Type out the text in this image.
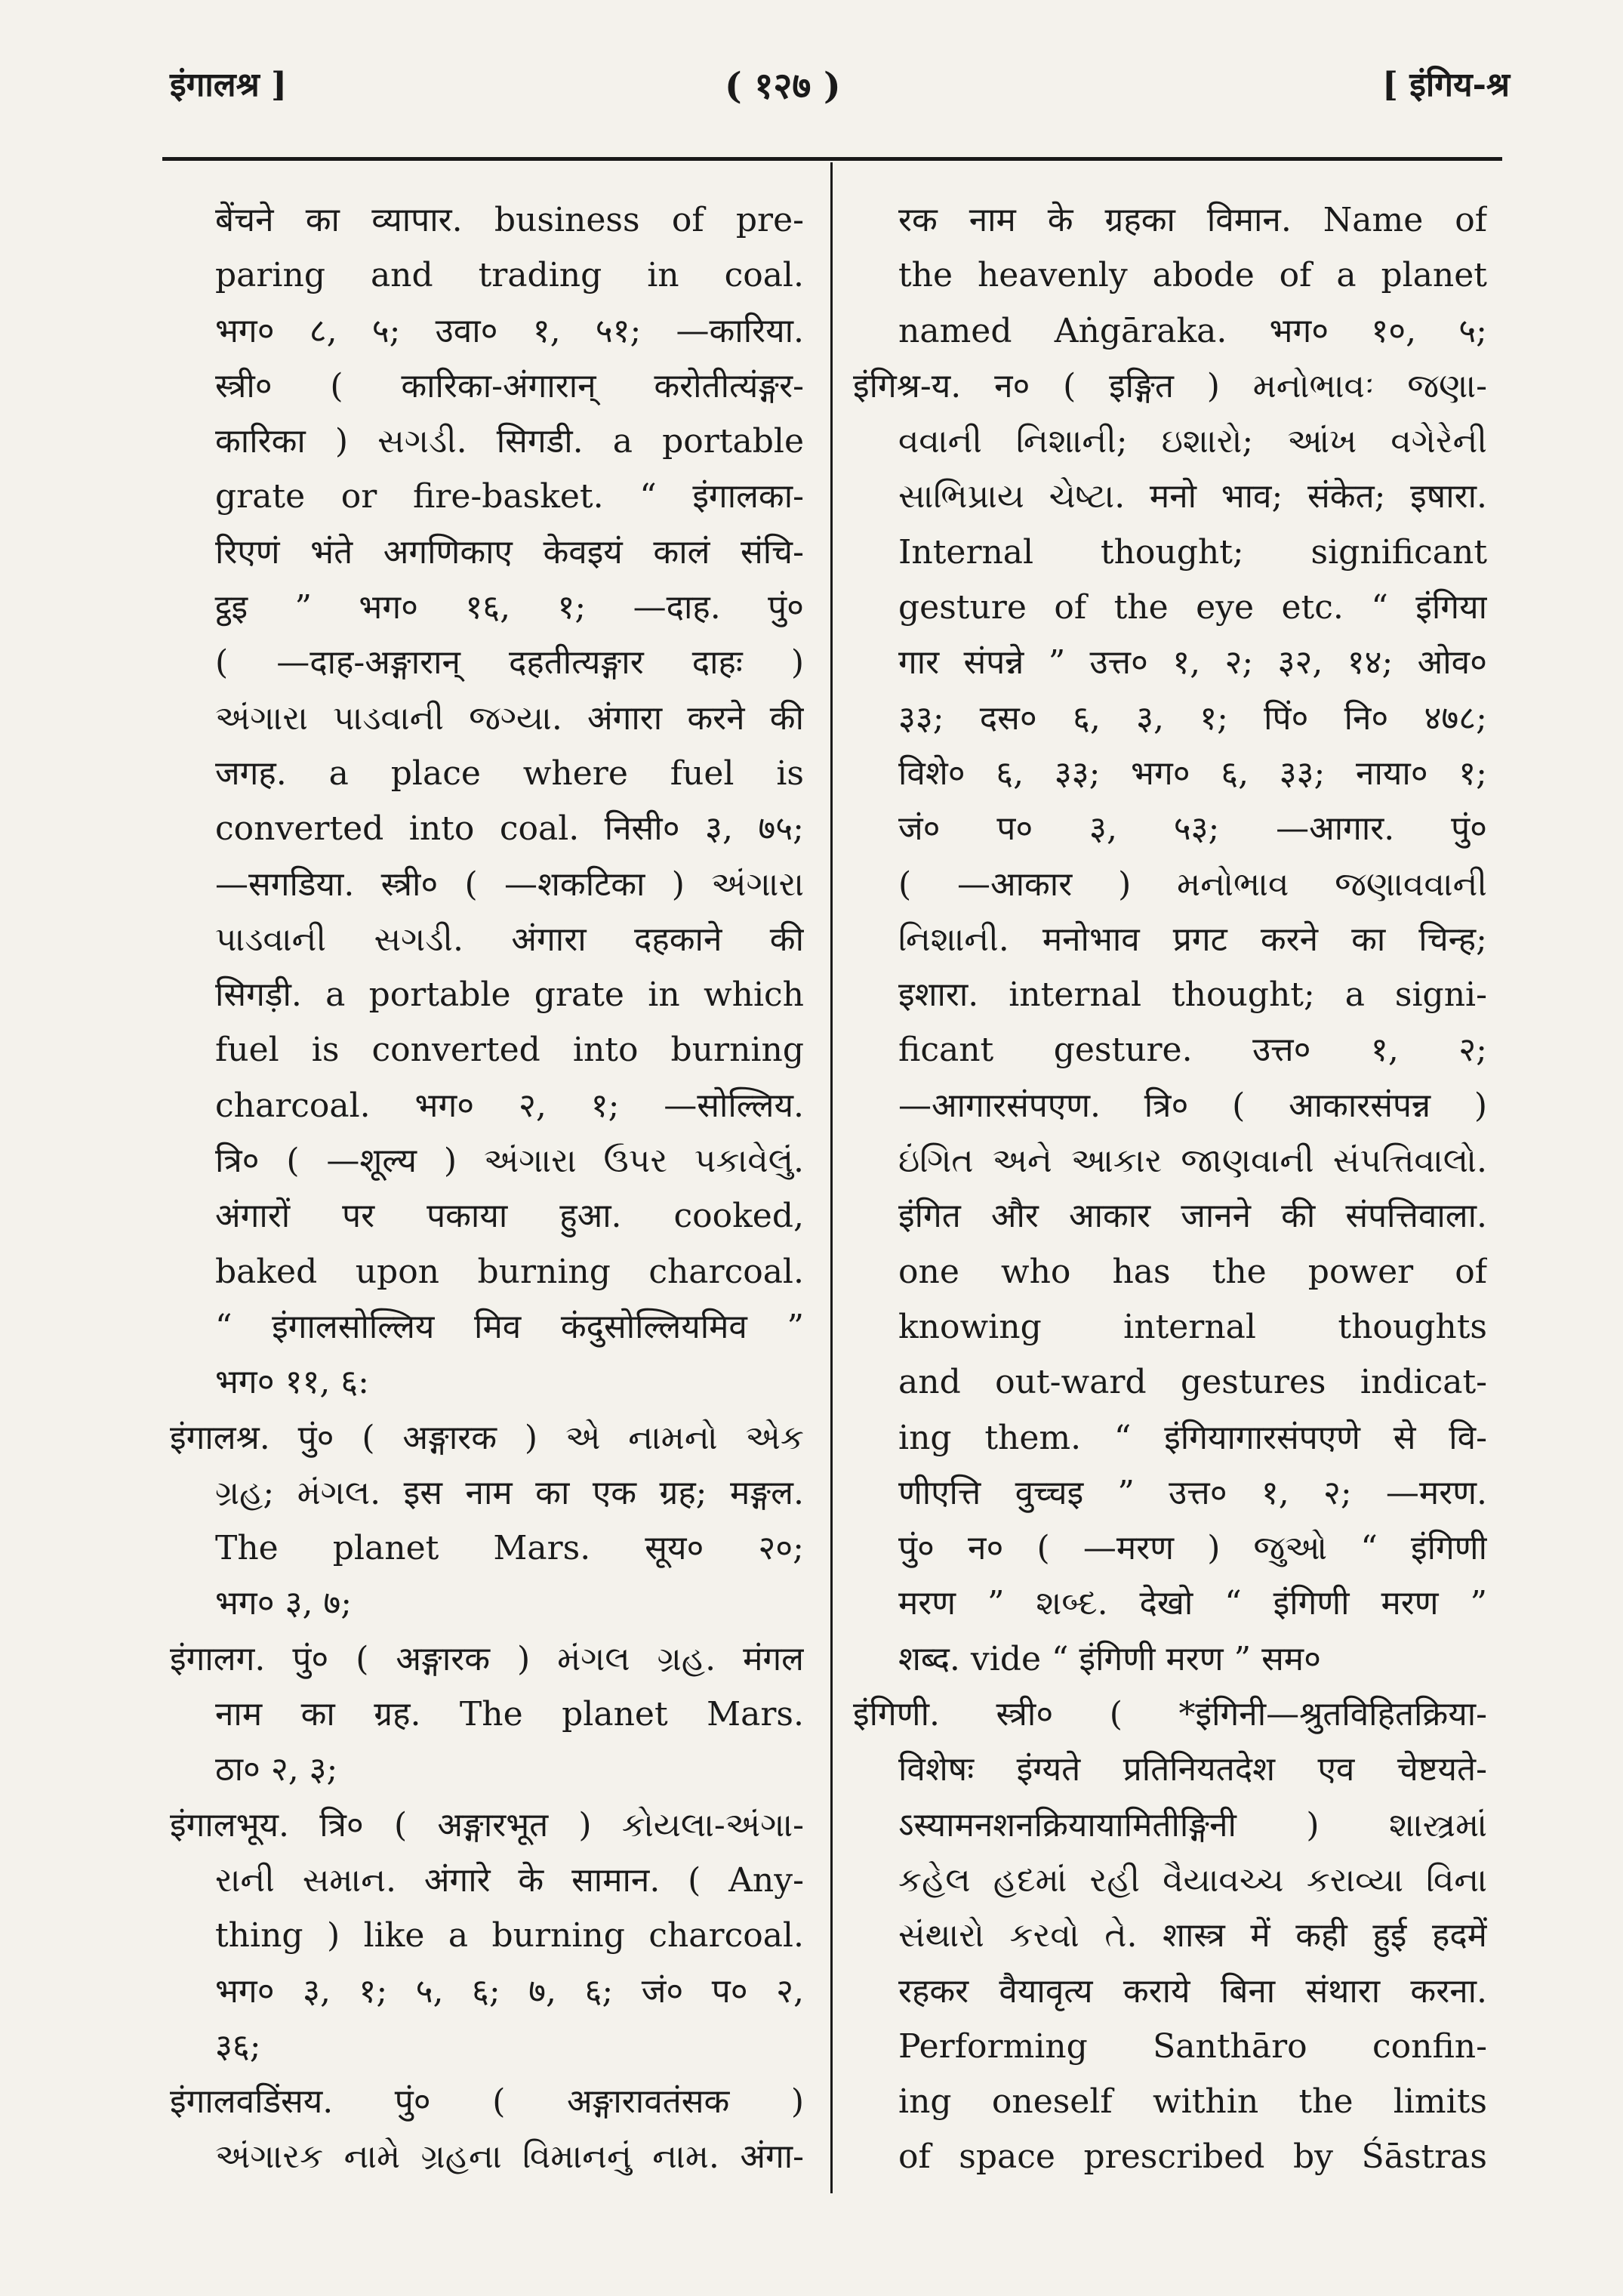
इंगालश्र ]	( १२७ )	[ इंगिय-श्र
बेंचने का व्यापार. business of pre-
paring and trading in coal.
भग० ८, ५; उवा० १, ५१; —कारिया.
स्त्री० ( कारिका-अंगारान् करोतीत्यंङ्गर-
कारिका ) સગડી. सिगडी. a portable
grate or fire-basket. “ इंगालका-
रिएणं भंते अगणिकाए केवइयं कालं संचि-
ट्ठइ ” भग० १६, १; —दाह. पुं०
( —दाह-अङ्गारान् दहतीत्यङ्गार दाहः )
અંગારા પાડવાની જગ્યા. अंगारा करने की
जगह. a place where fuel is
converted into coal. निसी० ३, ७५;
—सगडिया. स्त्री० ( —शकटिका ) અંગારા
પાડવાની સગડી. अंगारा दहकाने की
सिगड़ी. a portable grate in which
fuel is converted into burning
charcoal. भग० २, १; —सोल्लिय.
त्रि० ( —शूल्य ) અંગારા ઉપર પકાવેલું.
अंगारों पर पकाया हुआ. cooked,
baked upon burning charcoal.
“ इंगालसोल्लिय मिव कंदुसोल्लियमिव ”
भग० ११, ६:
इंगालश्र. पुं० ( अङ्गारक ) એ નામનો એક
ગ્રહ; મંગલ. इस नाम का एक ग्रह; मङ्गल.
The planet Mars. सूय० २०;
भग० ३, ७;
इंगालग. पुं० ( अङ्गारक ) મંગલ ગ્રહ. मंगल
नाम का ग्रह. The planet Mars.
ठा० २, ३;
इंगालभूय. त्रि० ( अङ्गारभूत ) કોયલા-અંગા-
રાની સમાન. अंगारे के सामान. ( Any-
thing ) like a burning charcoal.
भग० ३, १; ५, ६; ७, ६; जं० प० २,
३६;
इंगालवडिंसय. पुं० ( अङ्गारावतंसक )
અંગારક નામે ગ્રહના વિમાનનું નામ. अंगा-
रक नाम के ग्रहका विमान. Name of
the heavenly abode of a planet
named Aṅgāraka. भग० १०, ५;
इंगिश्र-य. न० ( इङ्गित ) મનોભાવઃ જણા-
વવાની નિશાની; ઇશારો; આંખ વગેરેની
સાભિપ્રાય ચેષ્ટા. मनो भाव; संकेत; इषारा.
Internal thought; significant
gesture of the eye etc. “ इंगिया
गार संपन्ने ” उत्त० १, २; ३२, १४; ओव०
३३; दस० ६, ३, १; पिं० नि० ४७८;
विशे० ६, ३३; भग० ६, ३३; नाया० १;
जं० प० ३, ५३; —आगार. पुं०
( —आकार ) મનોભાવ જણાવવાની
નિશાની. मनोभाव प्रगट करने का चिन्ह;
इशारा. internal thought; a signi-
ficant gesture. उत्त० १, २;
—आगारसंपएण. त्रि० ( आकारसंपन्न )
ઇંગિત અને આકાર જાણવાની સંપત્તિવાલો.
इंगित और आकार जानने की संपत्तिवाला.
one who has the power of
knowing internal thoughts
and out-ward gestures indicat-
ing them. “ इंगियागारसंपएणे से वि-
णीएत्ति वुच्चइ ” उत्त० १, २; —मरण.
पुं० न० ( —मरण ) જુઓ “ इंगिणी
मरण ” શબ્દ. देखो “ इंगिणी मरण ”
शब्द. vide “ इंगिणी मरण ” सम०
इंगिणी. स्त्री० ( *इंगिनी—श्रुतविहितक्रिया-
विशेषः इंग्यते प्रतिनियतदेश एव चेष्टयते-
ऽस्यामनशनक्रियायामितीङ्गिनी ) શાસ્ત્રમાં
કહેલ હદમાં રહી વૈયાવચ્ચ કરાવ્યા વિના
સંથારો કરવો તે. शास्त्र में कही हुई हदमें
रहकर वैयावृत्य कराये बिना संथारा करना.
Performing Santhāro confin-
ing oneself within the limits
of space prescribed by Śāstras
